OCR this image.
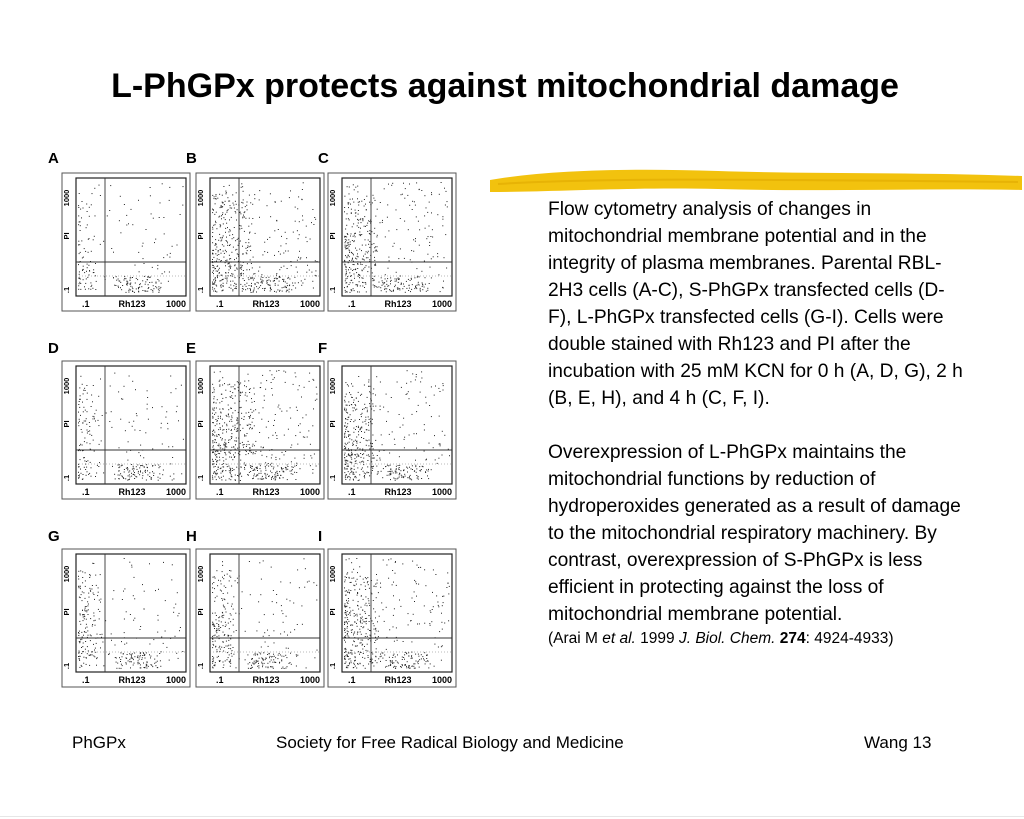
L-PhGPx protects against mitochondrial damage
A
1000
PI
.1
.1	Rh123 1000
B
1000
PI
.1
.1	Rh123 1000
C
1000
PI
.1
.1	Rh123 1000
D
1000
PI
.1
.1	Rh123 1000
E
1000
PI
.1
.1	Rh123 1000
F
1000
PI
.1
.1	Rh123 1000
G
1000
PI
.1
.1	Rh123 1000
H
1000
PI
.1
.1	Rh123 1000
I
1000
PI
.1
.1	Rh123 1000

Flow cytometry analysis of changes in mitochondrial membrane potential and in the integrity of plasma membranes. Parental RBL-2H3 cells (A-C), S-PhGPx transfected cells (D-F), L-PhGPx transfected cells (G-I). Cells were double stained with Rh123 and PI after the incubation with 25 mM KCN for 0 h (A, D, G), 2 h (B, E, H), and 4 h (C, F, I).

Overexpression of L-PhGPx maintains the mitochondrial functions by reduction of hydroperoxides generated as a result of damage to the mitochondrial respiratory machinery. By contrast, overexpression of S-PhGPx is less efficient in protecting against the loss of mitochondrial membrane potential.

(Arai M et al. 1999 J. Biol. Chem. 274: 4924-4933)

PhGPx	Society for Free Radical Biology and Medicine	Wang 13
